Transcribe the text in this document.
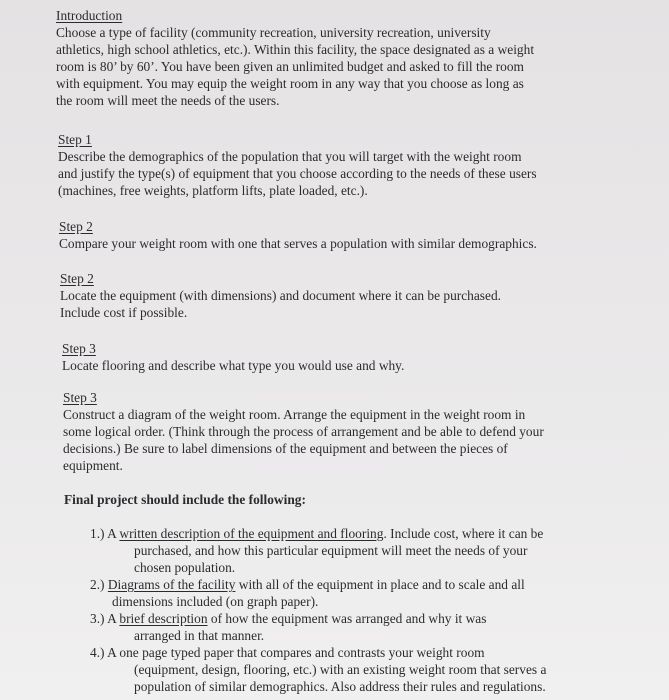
Introduction
Choose a type of facility (community recreation, university recreation, university
athletics, high school athletics, etc.). Within this facility, the space designated as a weight
room is 80’ by 60’. You have been given an unlimited budget and asked to fill the room
with equipment. You may equip the weight room in any way that you choose as long as
the room will meet the needs of the users.
Step 1
Describe the demographics of the population that you will target with the weight room
and justify the type(s) of equipment that you choose according to the needs of these users
(machines, free weights, platform lifts, plate loaded, etc.).
Step 2
Compare your weight room with one that serves a population with similar demographics.
Step 2
Locate the equipment (with dimensions) and document where it can be purchased.
Include cost if possible.
Step 3
Locate flooring and describe what type you would use and why.
Step 3
Construct a diagram of the weight room. Arrange the equipment in the weight room in
some logical order. (Think through the process of arrangement and be able to defend your
decisions.) Be sure to label dimensions of the equipment and between the pieces of
equipment.
Final project should include the following:
1.) A written description of the equipment and flooring. Include cost, where it can be
purchased, and how this particular equipment will meet the needs of your
chosen population.
2.) Diagrams of the facility with all of the equipment in place and to scale and all
dimensions included (on graph paper).
3.) A brief description of how the equipment was arranged and why it was
arranged in that manner.
4.) A one page typed paper that compares and contrasts your weight room
(equipment, design, flooring, etc.) with an existing weight room that serves a
population of similar demographics. Also address their rules and regulations.
